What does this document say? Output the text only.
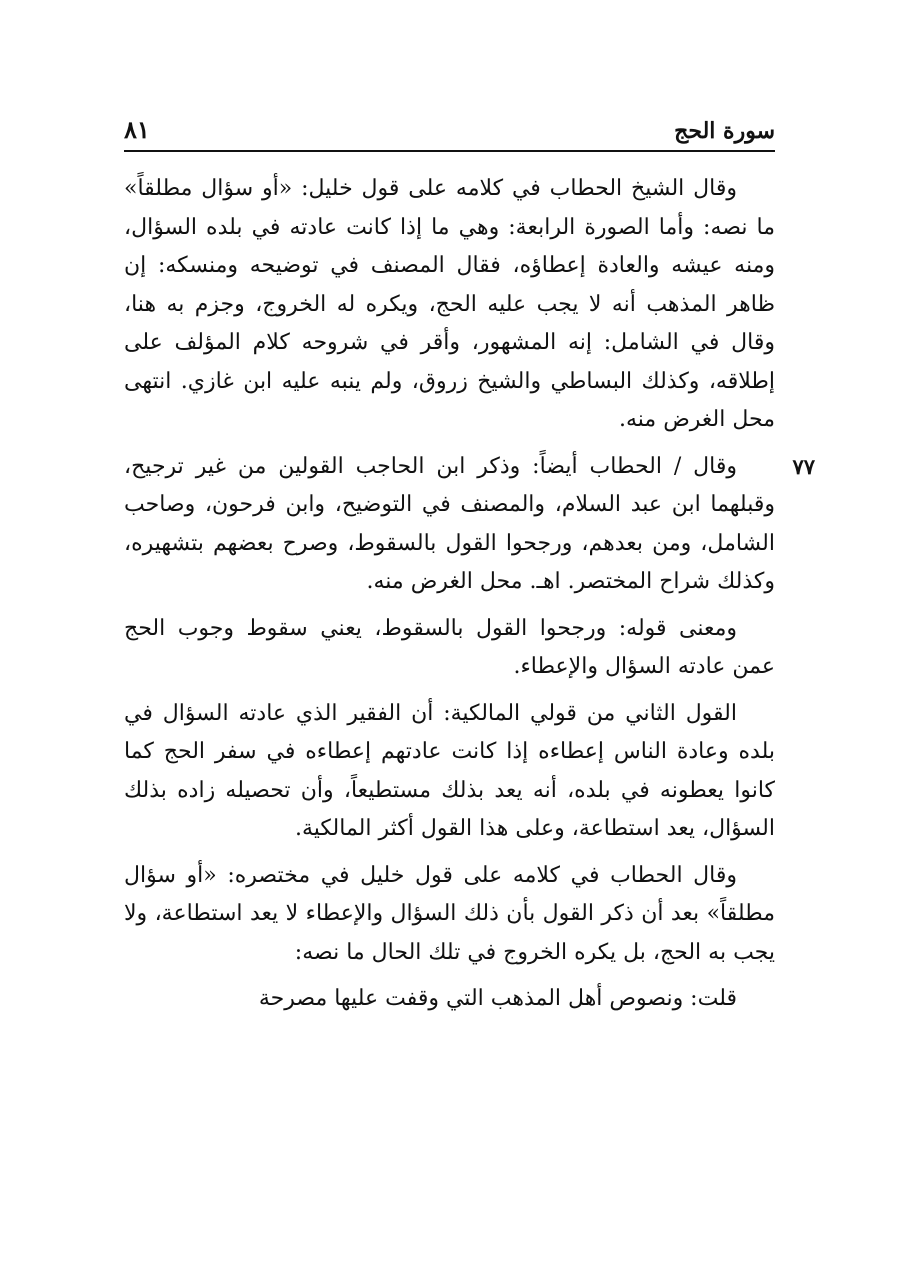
سورة الحج
٨١

وقال الشيخ الحطاب في كلامه على قول خليل: «أو سؤال مطلقاً» ما نصه: وأما الصورة الرابعة: وهي ما إذا كانت عادته في بلده السؤال، ومنه عيشه والعادة إعطاؤه، فقال المصنف في توضيحه ومنسكه: إن ظاهر المذهب أنه لا يجب عليه الحج، ويكره له الخروج، وجزم به هنا، وقال في الشامل: إنه المشهور، وأقر في شروحه كلام المؤلف على إطلاقه، وكذلك البساطي والشيخ زروق، ولم ينبه عليه ابن غازي. انتهى محل الغرض منه.

٧٧
وقال / الحطاب أيضاً: وذكر ابن الحاجب القولين من غير ترجيح، وقبلهما ابن عبد السلام، والمصنف في التوضيح، وابن فرحون، وصاحب الشامل، ومن بعدهم، ورجحوا القول بالسقوط، وصرح بعضهم بتشهيره، وكذلك شراح المختصر. اهـ. محل الغرض منه.

ومعنى قوله: ورجحوا القول بالسقوط، يعني سقوط وجوب الحج عمن عادته السؤال والإعطاء.

القول الثاني من قولي المالكية: أن الفقير الذي عادته السؤال في بلده وعادة الناس إعطاءه إذا كانت عادتهم إعطاءه في سفر الحج كما كانوا يعطونه في بلده، أنه يعد بذلك مستطيعاً، وأن تحصيله زاده بذلك السؤال، يعد استطاعة، وعلى هذا القول أكثر المالكية.

وقال الحطاب في كلامه على قول خليل في مختصره: «أو سؤال مطلقاً» بعد أن ذكر القول بأن ذلك السؤال والإعطاء لا يعد استطاعة، ولا يجب به الحج، بل يكره الخروج في تلك الحال ما نصه:

قلت: ونصوص أهل المذهب التي وقفت عليها مصرحة
